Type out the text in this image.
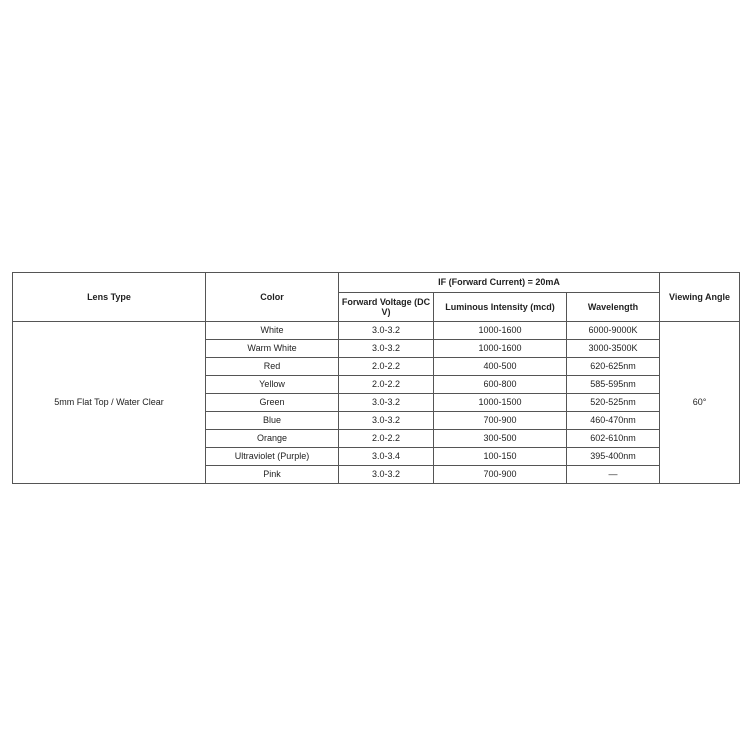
Lens Type	Color	IF (Forward Current) = 20mA			Viewing Angle
		Forward Voltage (DC V)	Luminous Intensity (mcd)	Wavelength	
5mm Flat Top / Water Clear	White	3.0-3.2	1000-1600	6000-9000K	60°
	Warm White	3.0-3.2	1000-1600	3000-3500K	
	Red	2.0-2.2	400-500	620-625nm	
	Yellow	2.0-2.2	600-800	585-595nm	
	Green	3.0-3.2	1000-1500	520-525nm	
	Blue	3.0-3.2	700-900	460-470nm	
	Orange	2.0-2.2	300-500	602-610nm	
	Ultraviolet (Purple)	3.0-3.4	100-150	395-400nm	
	Pink	3.0-3.2	700-900	—	
